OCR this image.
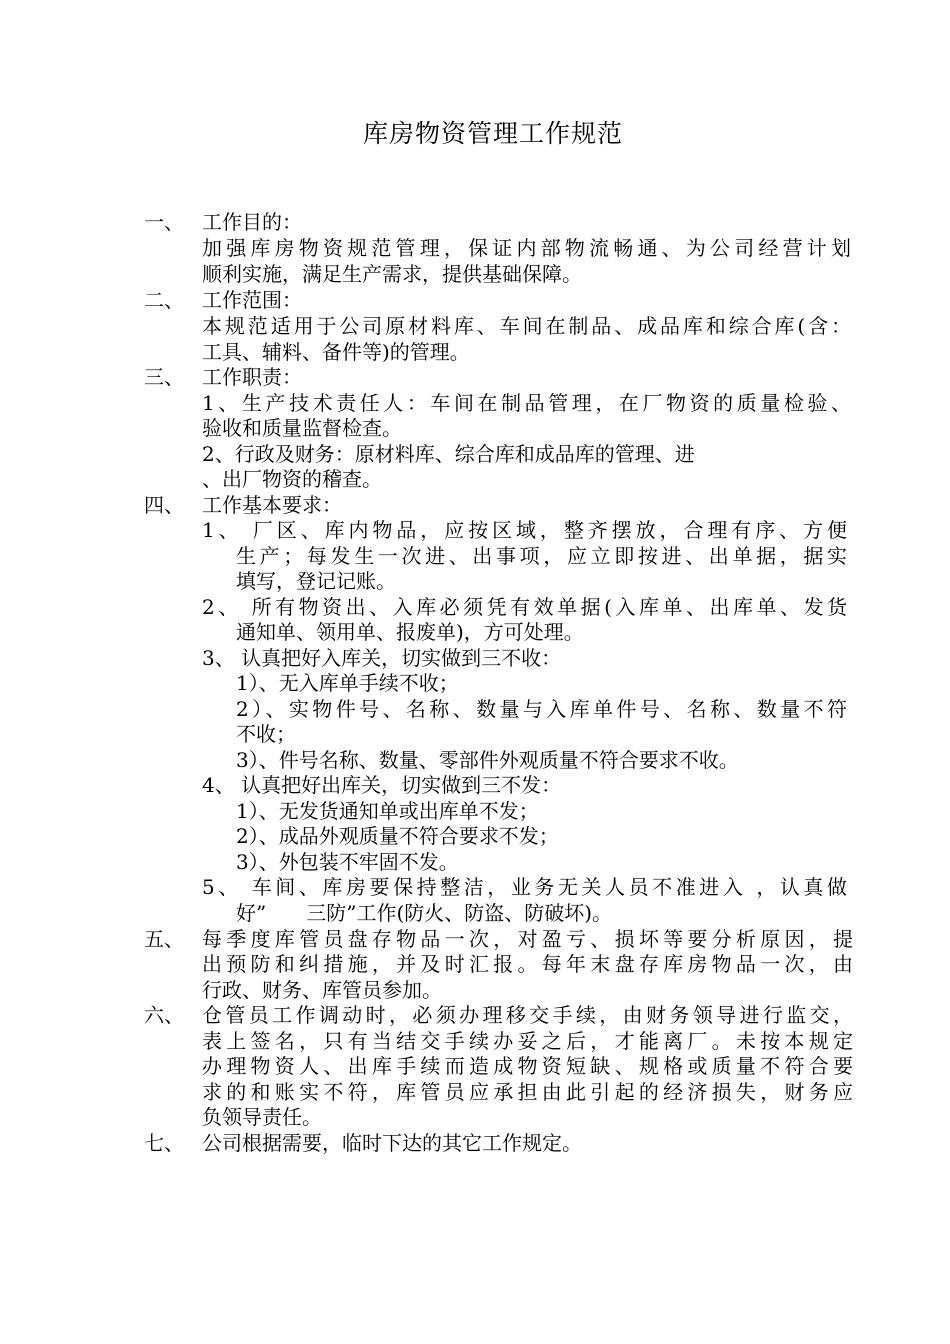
库房物资管理工作规范
一、 工作目的：
加强库房物资规范管理，保证内部物流畅通、为公司经营计划
顺利实施，满足生产需求，提供基础保障。
二、 工作范围：
本规范适用于公司原材料库、车间在制品、成品库和综合库(含：
工具、辅料、备件等)的管理。
三、 工作职责：
1、生产技术责任人：车间在制品管理，在厂物资的质量检验、
验收和质量监督检查。
2、行政及财务：原材料库、综合库和成品库的管理、进
、出厂物资的稽查。
四、 工作基本要求：
1、 厂区、库内物品，应按区域，整齐摆放，合理有序、方便
生产；每发生一次进、出事项，应立即按进、出单据，据实
填写，登记记账。
2、 所有物资出、入库必须凭有效单据(入库单、出库单、发货
通知单、领用单、报废单)，方可处理。
3、 认真把好入库关，切实做到三不收：
1）、无入库单手续不收；
2）、实物件号、名称、数量与入库单件号、名称、数量不符
不收；
3）、件号名称、数量、零部件外观质量不符合要求不收。
4、 认真把好出库关，切实做到三不发：
1）、无发货通知单或出库单不发；
2）、成品外观质量不符合要求不发；
3）、外包装不牢固不发。
5、 车间、库房要保持整洁，业务无关人员不准进入 ，认真做
好”　　三防”工作(防火、防盗、防破坏)。
五、 每季度库管员盘存物品一次，对盈亏、损坏等要分析原因，提
出预防和纠措施，并及时汇报。每年末盘存库房物品一次，由
行政、财务、库管员参加。
六、 仓管员工作调动时，必须办理移交手续，由财务领导进行监交，
表上签名，只有当结交手续办妥之后，才能离厂。未按本规定
办理物资人、出库手续而造成物资短缺、规格或质量不符合要
求的和账实不符，库管员应承担由此引起的经济损失，财务应
负领导责任。
七、 公司根据需要，临时下达的其它工作规定。
